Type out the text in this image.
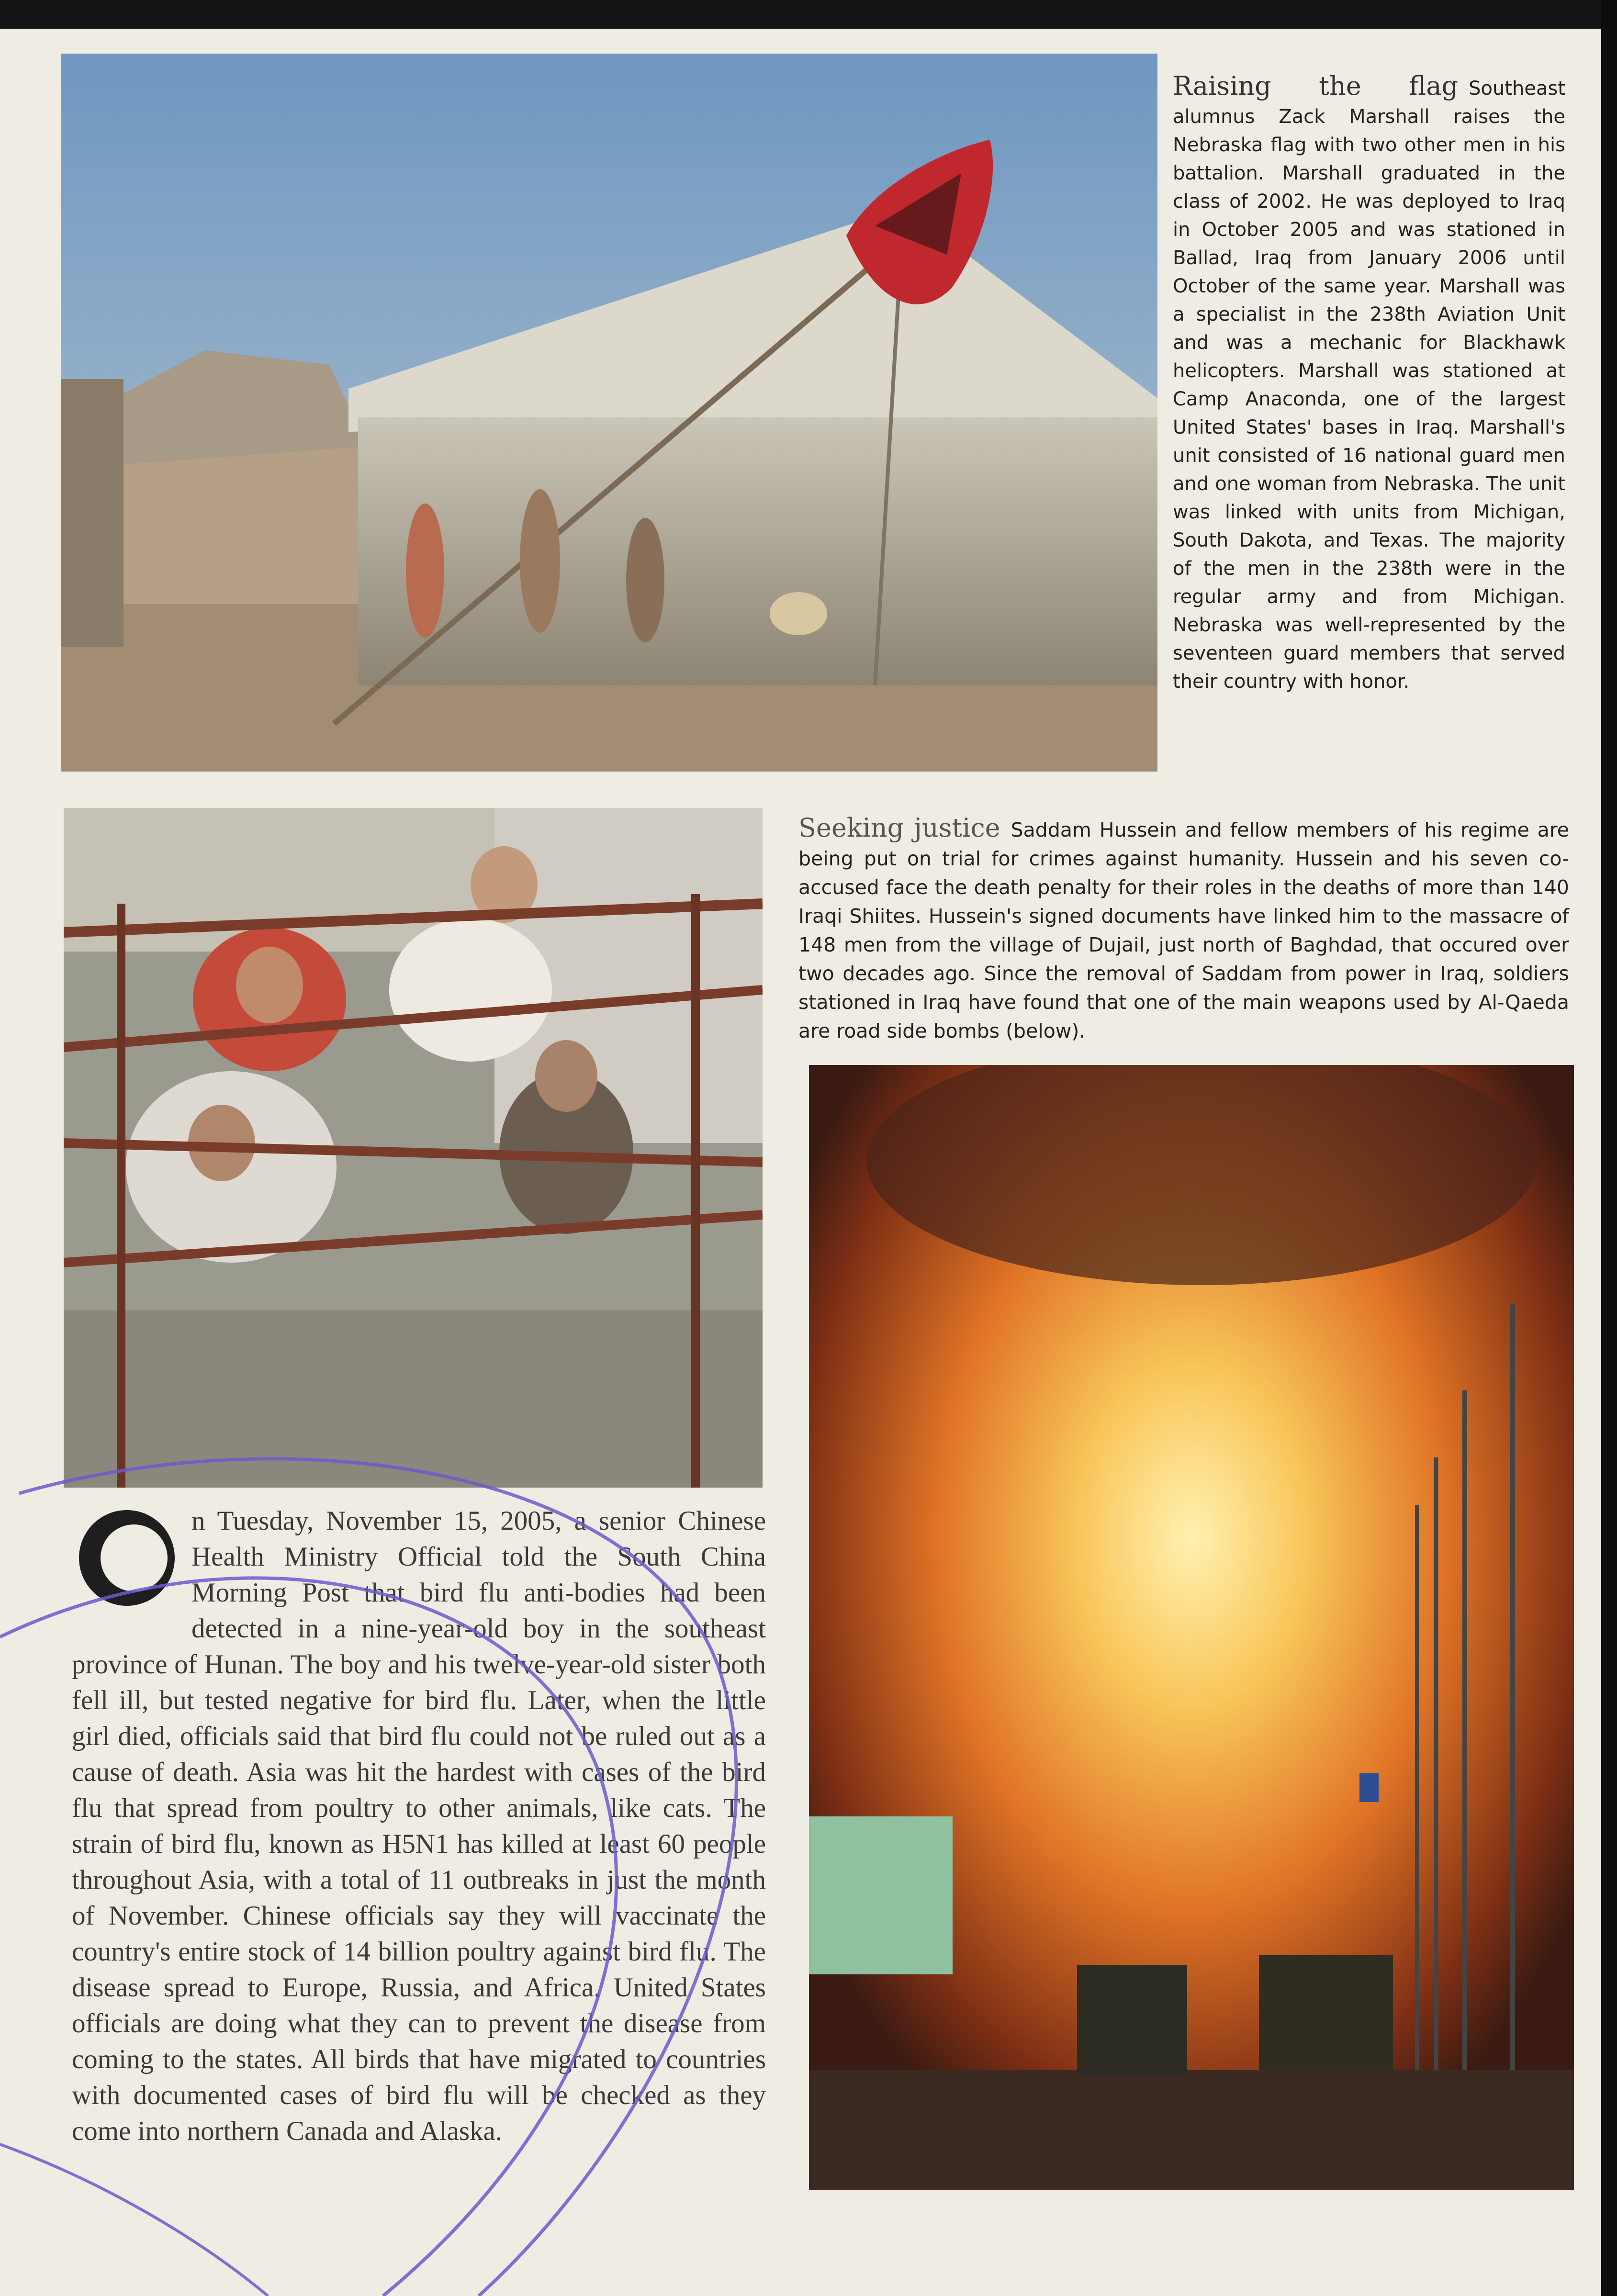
Raising the flag Southeast alumnus Zack Marshall raises the Nebraska flag with two other men in his battalion. Marshall graduated in the class of 2002. He was deployed to Iraq in October 2005 and was stationed in Ballad, Iraq from January 2006 until October of the same year. Marshall was a specialist in the 238th Aviation Unit and was a mechanic for Blackhawk helicopters. Marshall was stationed at Camp Anaconda, one of the largest United States' bases in Iraq. Marshall's unit consisted of 16 national guard men and one woman from Nebraska. The unit was linked with units from Michigan, South Dakota, and Texas. The majority of the men in the 238th were in the regular army and from Michigan. Nebraska was well-represented by the seventeen guard members that served their country with honor.

Seeking justice Saddam Hussein and fellow members of his regime are being put on trial for crimes against humanity. Hussein and his seven co-accused face the death penalty for their roles in the deaths of more than 140 Iraqi Shiites. Hussein's signed documents have linked him to the massacre of 148 men from the village of Dujail, just north of Baghdad, that occured over two decades ago. Since the removal of Saddam from power in Iraq, soldiers stationed in Iraq have found that one of the main weapons used by Al-Qaeda are road side bombs (below).

O	n Tuesday, November 15, 2005, a senior Chinese Health Ministry Official told the South China Morning Post that bird flu anti-bodies had been detected in a nine-year-old boy in the southeast province of Hunan. The boy and his twelve-year-old sister both fell ill, but tested negative for bird flu. Later, when the little girl died, officials said that bird flu could not be ruled out as a cause of death. Asia was hit the hardest with cases of the bird flu that spread from poultry to other animals, like cats. The strain of bird flu, known as H5N1 has killed at least 60 people throughout Asia, with a total of 11 outbreaks in just the month of November. Chinese officials say they will vaccinate the country's entire stock of 14 billion poultry against bird flu. The disease spread to Europe, Russia, and Africa. United States officials are doing what they can to prevent the disease from coming to the states. All birds that have migrated to countries with documented cases of bird flu will be checked as they come into northern Canada and Alaska.
